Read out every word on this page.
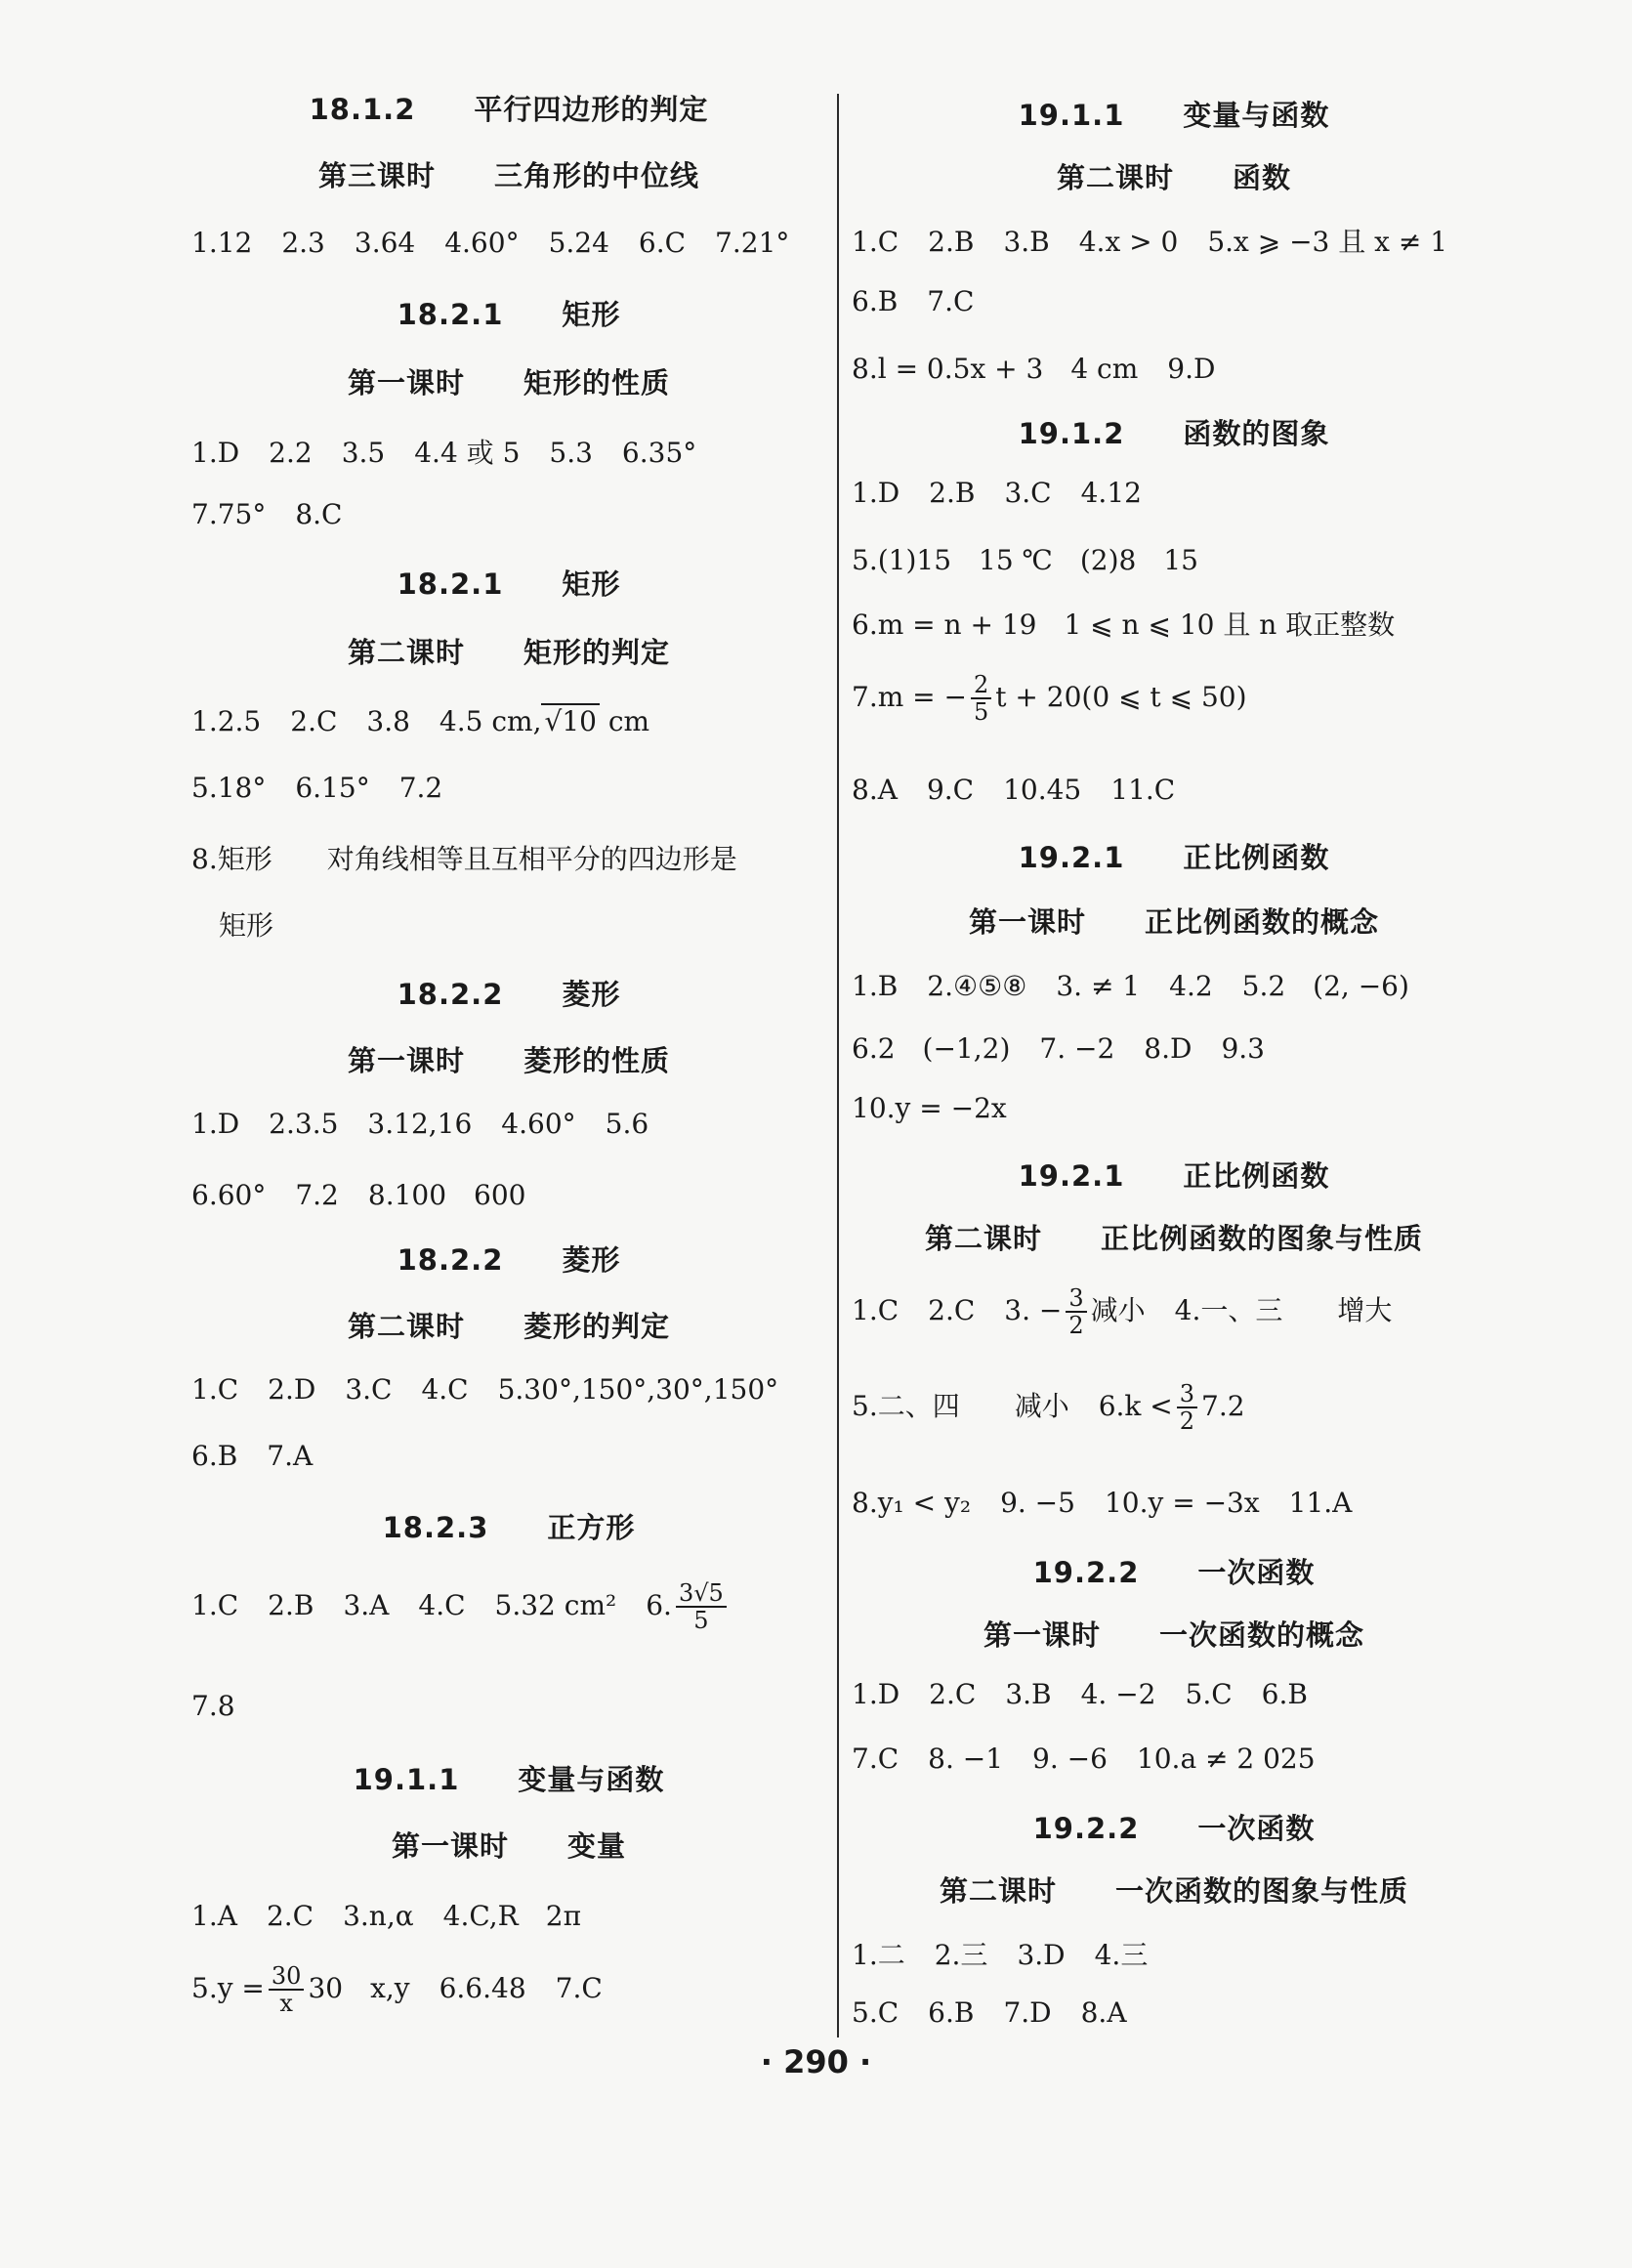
18.1.2　　平行四边形的判定
第三课时　　三角形的中位线
1.12 2.3 3.64 4.60° 5.24 6.C 7.21°
18.2.1　　矩形
第一课时　　矩形的性质
1.D 2.2 3.5 4.4 或 5 5.3 6.35°
7.75° 8.C
18.2.1　　矩形
第二课时　　矩形的判定
1.2.5 2.C 3.8 4.5 cm, √10 cm
5.18° 6.15° 7.2
8.矩形　　对角线相等且互相平分的四边形是
矩形
18.2.2　　菱形
第一课时　　菱形的性质
1.D 2.3.5 3.12,16 4.60° 5.6
6.60° 7.2 8.100　600
18.2.2　　菱形
第二课时　　菱形的判定
1.C 2.D 3.C 4.C 5.30°,150°,30°,150°
6.B 7.A
18.2.3　　正方形
1.C 2.B 3.A 4.C 5.32 cm² 6. $\frac{3√5}{5}$
7.8
19.1.1　　变量与函数
第一课时　　变量
1.A 2.C 3.n,α 4.C,R　2π
$5.y = \frac{30}{x} 30$　x,y 6.6.48 7.C
19.1.1　　变量与函数
第二课时　　函数
1.C 2.B 3.B 4.x > 0 5.x ⩾ −3 且 x ≠ 1
6.B 7.C
8.l = 0.5x + 3　4 cm 9.D
19.1.2　　函数的图象
1.D 2.B 3.C 4.12
5.(1)15　15 ℃　(2)8　15
6.m = n + 19　1 ⩽ n ⩽ 10 且 n 取正整数
7.m = − $\frac{2}{5}$ t + 20(0 ⩽ t ⩽ 50)
8.A 9.C 10.45 11.C
19.2.1　　正比例函数
第一课时　　正比例函数的概念
1.B 2.④⑤⑧ 3. ≠ 1 4.2 5.2　(2, −6)
6.2　(−1,2) 7. −2 8.D 9.3
10.y = −2x
19.2.1　　正比例函数
第二课时　　正比例函数的图象与性质
1.C 2.C 3. − $\frac{3}{2}$ 减小 4.一、三　　增大
5.二、四　　减小 $6.k < \frac{3}{2} 7.2$
8.y₁ < y₂ 9. −5 10.y = −3x 11.A
19.2.2　　一次函数
第一课时　　一次函数的概念
1.D 2.C 3.B 4. −2 5.C 6.B
7.C 8. −1 9. −6 10.a ≠ 2 025
19.2.2　　一次函数
第二课时　　一次函数的图象与性质
1.二 2.三 3.D 4.三
5.C 6.B 7.D 8.A
· 290 ·
